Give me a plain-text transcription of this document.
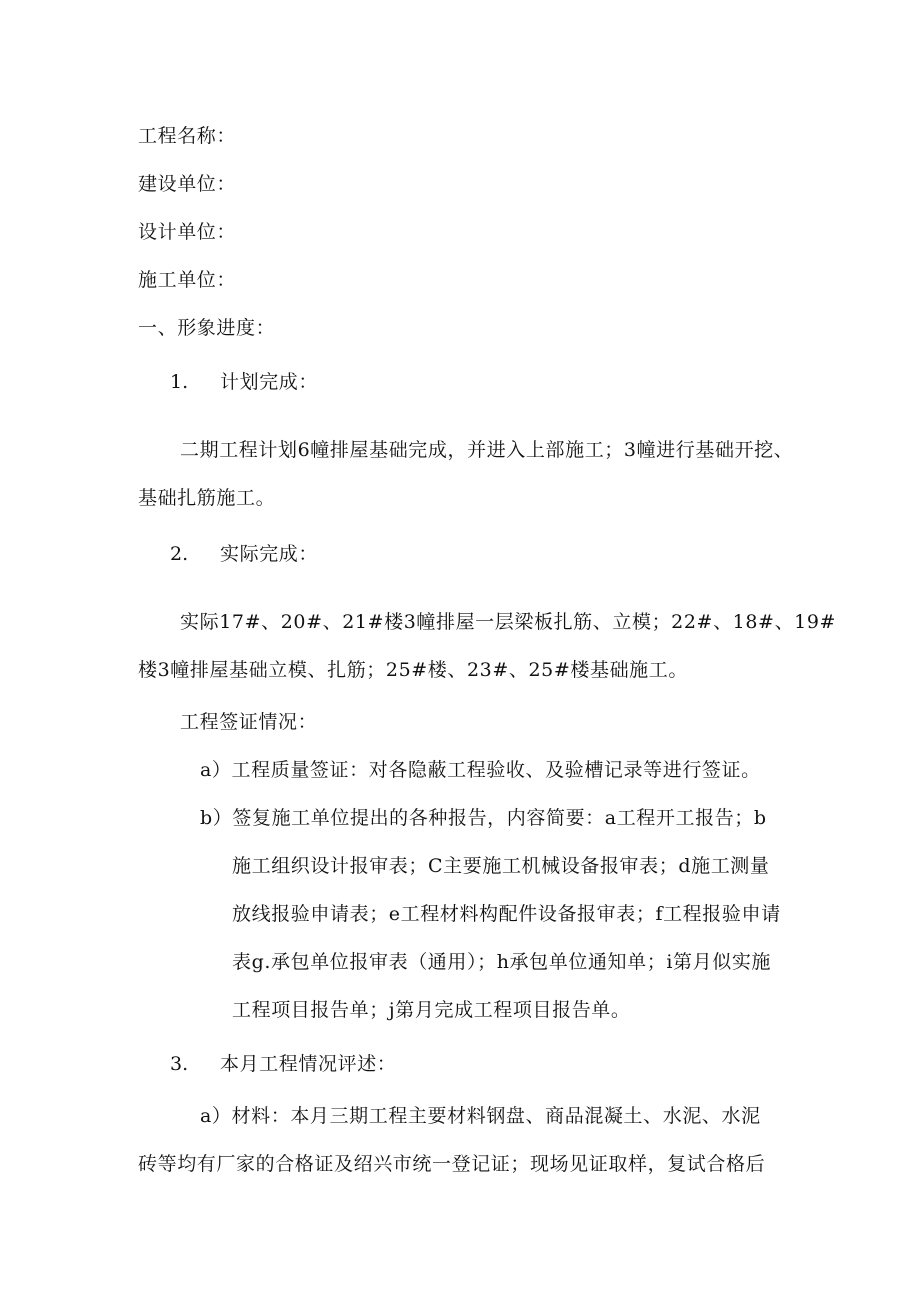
工程名称：
建设单位：
设计单位：
施工单位：
一、形象进度：
1. 计划完成：
二期工程计划6幢排屋基础完成，并进入上部施工；3幢进行基础开挖、
基础扎筋施工。
2. 实际完成：
实际17#、20#、21#楼3幢排屋一层梁板扎筋、立模；22#、18#、19#
楼3幢排屋基础立模、扎筋；25#楼、23#、25#楼基础施工。
工程签证情况：
a）工程质量签证：对各隐蔽工程验收、及验槽记录等进行签证。
b）签复施工单位提出的各种报告，内容简要：a工程开工报告；b
施工组织设计报审表；C主要施工机械设备报审表；d施工测量
放线报验申请表；e工程材料构配件设备报审表；f工程报验申请
表g.承包单位报审表（通用）；h承包单位通知单；i第月似实施
工程项目报告单；j第月完成工程项目报告单。
3. 本月工程情况评述：
a）材料：本月三期工程主要材料钢盘、商品混凝土、水泥、水泥
砖等均有厂家的合格证及绍兴市统一登记证；现场见证取样，复试合格后
